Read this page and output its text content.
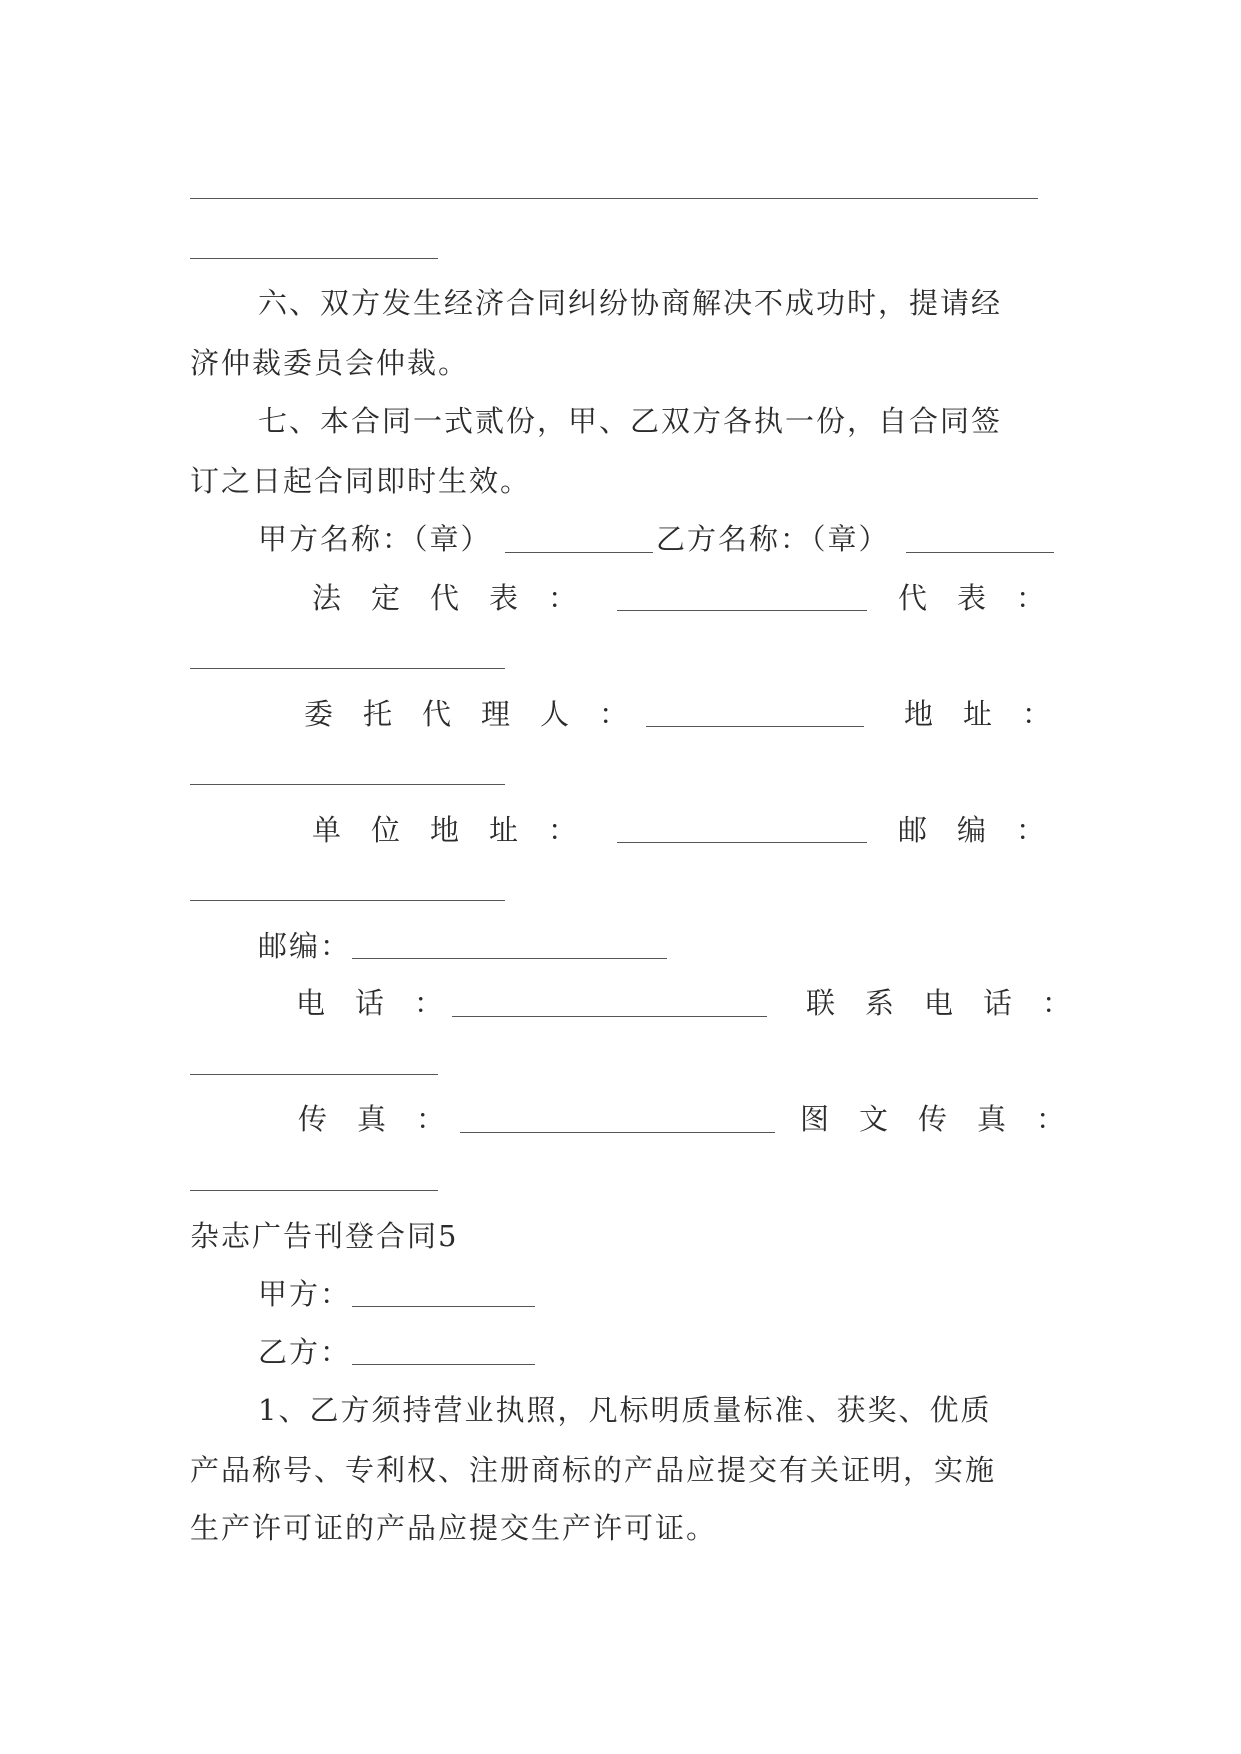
六、双方发生经济合同纠纷协商解决不成功时，提请经
济仲裁委员会仲裁。
七、本合同一式贰份，甲、乙双方各执一份，自合同签
订之日起合同即时生效。
甲方名称：（章）	乙方名称：（章）
法定代表：	代表：
委托代理人：	地址：
单位地址：	邮编：
邮编：
电话：	联系电话：
传真：	图文传真：
杂志广告刊登合同5
甲方：
乙方：
1、乙方须持营业执照，凡标明质量标准、获奖、优质
产品称号、专利权、注册商标的产品应提交有关证明，实施
生产许可证的产品应提交生产许可证。
